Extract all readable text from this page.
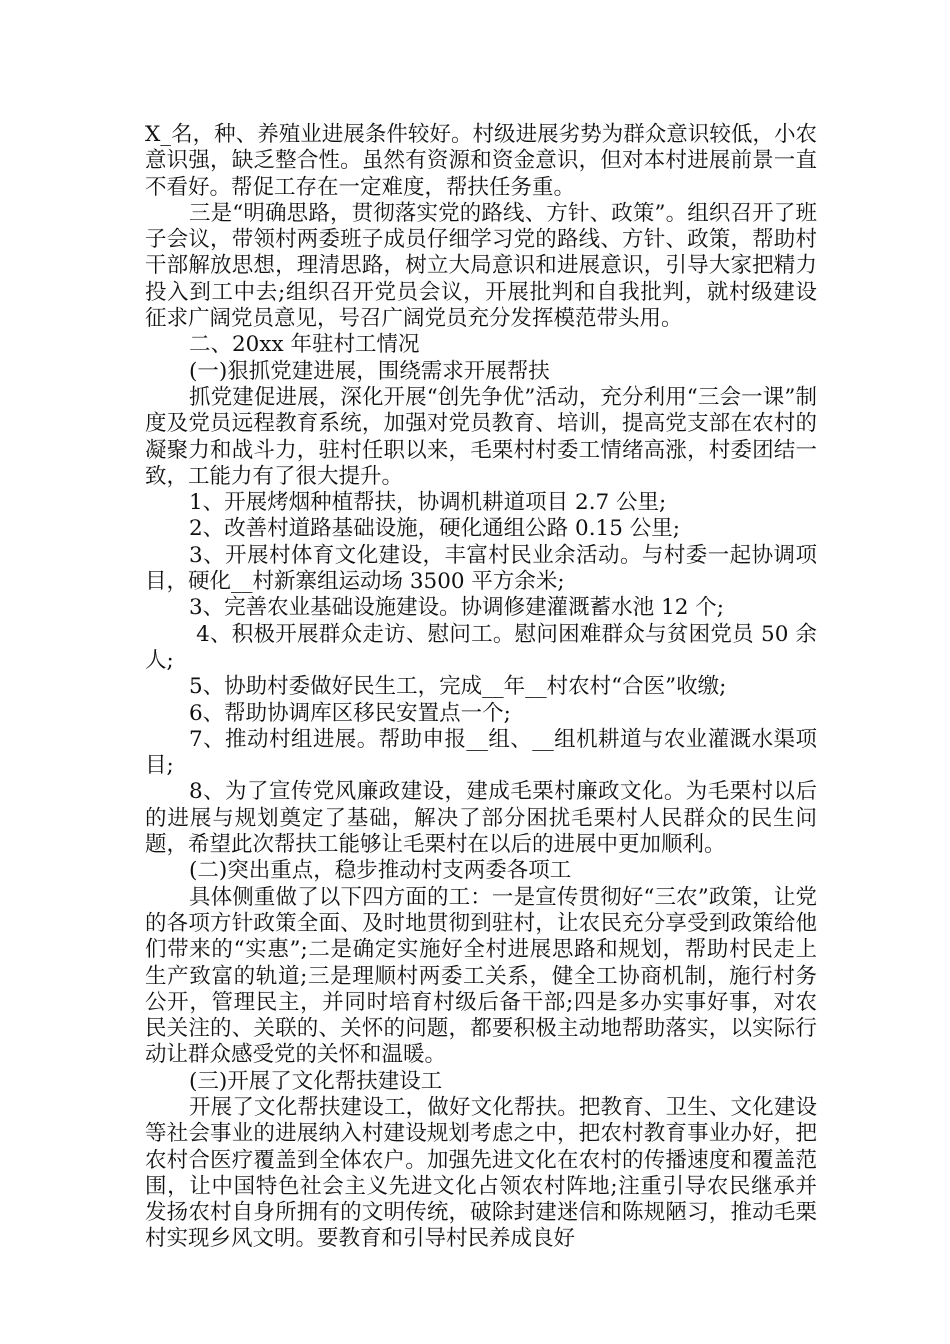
X_名，种、养殖业进展条件较好。村级进展劣势为群众意识较低，小农意识强，缺乏整合性。虽然有资源和资金意识，但对本村进展前景一直不看好。帮促工存在一定难度，帮扶任务重。

三是“明确思路，贯彻落实党的路线、方针、政策”。组织召开了班子会议，带领村两委班子成员仔细学习党的路线、方针、政策，帮助村干部解放思想，理清思路，树立大局意识和进展意识，引导大家把精力投入到工中去;组织召开党员会议，开展批判和自我批判，就村级建设征求广阔党员意见，号召广阔党员充分发挥模范带头用。

二、20xx 年驻村工情况

(一)狠抓党建进展，围绕需求开展帮扶

抓党建促进展，深化开展“创先争优”活动，充分利用“三会一课”制度及党员远程教育系统，加强对党员教育、培训，提高党支部在农村的凝聚力和战斗力，驻村任职以来，毛栗村村委工情绪高涨，村委团结一致，工能力有了很大提升。

1、开展烤烟种植帮扶，协调机耕道项目 2.7 公里;

2、改善村道路基础设施，硬化通组公路 0.15 公里;

3、开展村体育文化建设，丰富村民业余活动。与村委一起协调项目，硬化__村新寨组运动场 3500 平方余米;

3、完善农业基础设施建设。协调修建灌溉蓄水池 12 个;

4、积极开展群众走访、慰问工。慰问困难群众与贫困党员 50 余人;

5、协助村委做好民生工，完成__年__村农村“合医”收缴;

6、帮助协调库区移民安置点一个;

7、推动村组进展。帮助申报__组、__组机耕道与农业灌溉水渠项目;

8、为了宣传党风廉政建设，建成毛栗村廉政文化。为毛栗村以后的进展与规划奠定了基础，解决了部分困扰毛栗村人民群众的民生问题，希望此次帮扶工能够让毛栗村在以后的进展中更加顺利。

(二)突出重点，稳步推动村支两委各项工

具体侧重做了以下四方面的工：一是宣传贯彻好“三农”政策，让党的各项方针政策全面、及时地贯彻到驻村，让农民充分享受到政策给他们带来的“实惠”;二是确定实施好全村进展思路和规划，帮助村民走上生产致富的轨道;三是理顺村两委工关系，健全工协商机制，施行村务公开，管理民主，并同时培育村级后备干部;四是多办实事好事，对农民关注的、关联的、关怀的问题，都要积极主动地帮助落实，以实际行动让群众感受党的关怀和温暖。

(三)开展了文化帮扶建设工

开展了文化帮扶建设工，做好文化帮扶。把教育、卫生、文化建设等社会事业的进展纳入村建设规划考虑之中，把农村教育事业办好，把农村合医疗覆盖到全体农户。加强先进文化在农村的传播速度和覆盖范围，让中国特色社会主义先进文化占领农村阵地;注重引导农民继承并发扬农村自身所拥有的文明传统，破除封建迷信和陈规陋习，推动毛栗村实现乡风文明。要教育和引导村民养成良好
